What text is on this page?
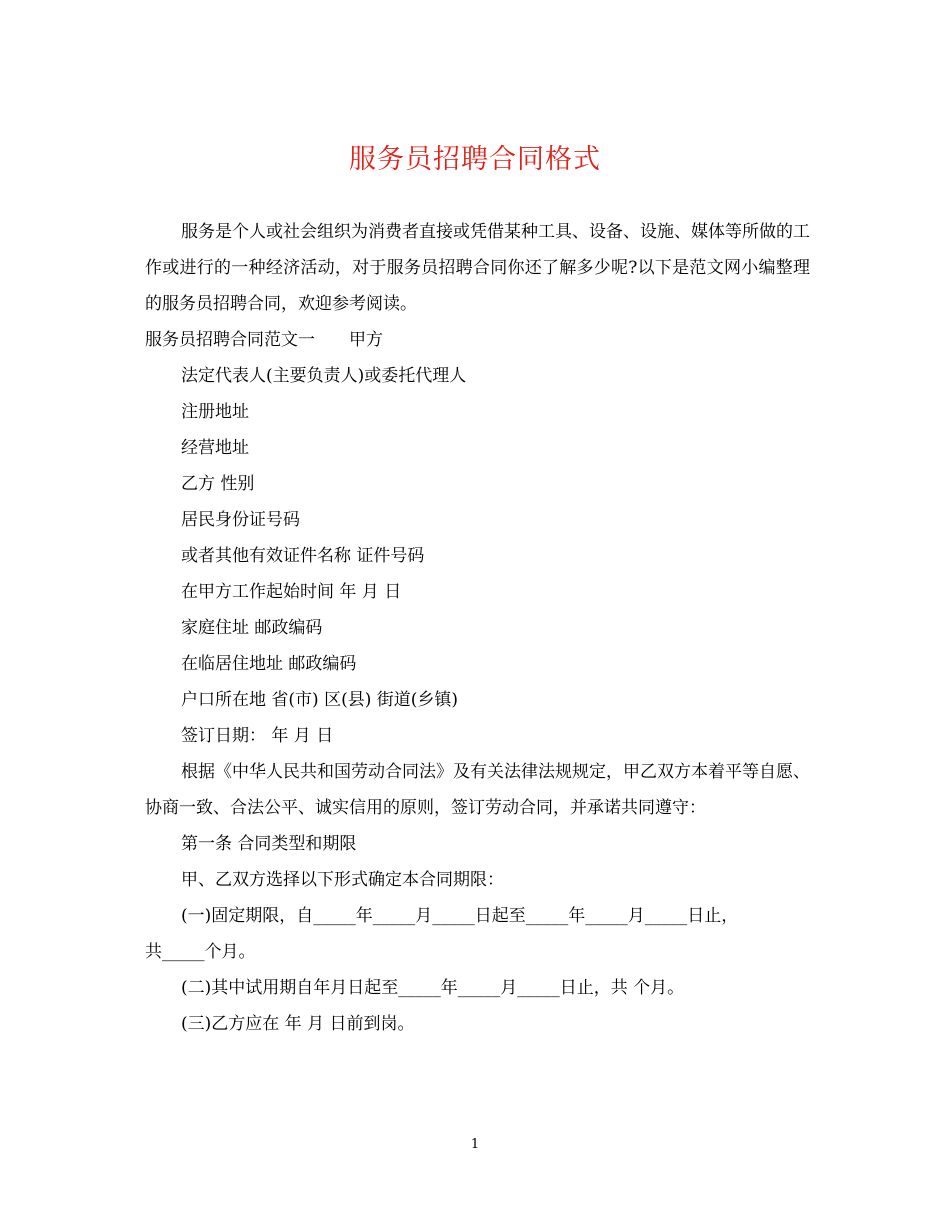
服务员招聘合同格式

服务是个人或社会组织为消费者直接或凭借某种工具、设备、设施、媒体等所做的工作或进行的一种经济活动，对于服务员招聘合同你还了解多少呢?以下是范文网小编整理的服务员招聘合同，欢迎参考阅读。

服务员招聘合同范文一 甲方

法定代表人(主要负责人)或委托代理人

注册地址

经营地址

乙方 性别

居民身份证号码

或者其他有效证件名称 证件号码

在甲方工作起始时间 年 月 日

家庭住址 邮政编码

在临居住地址 邮政编码

户口所在地 省(市) 区(县) 街道(乡镇)

签订日期： 年 月 日

根据《中华人民共和国劳动合同法》及有关法律法规规定，甲乙双方本着平等自愿、协商一致、合法公平、诚实信用的原则，签订劳动合同，并承诺共同遵守：

第一条 合同类型和期限

甲、乙双方选择以下形式确定本合同期限：

(一)固定期限，自_____年_____月_____日起至_____年_____月_____日止，

共_____个月。

(二)其中试用期自年月日起至_____年_____月_____日止，共 个月。

(三)乙方应在 年 月 日前到岗。

1
